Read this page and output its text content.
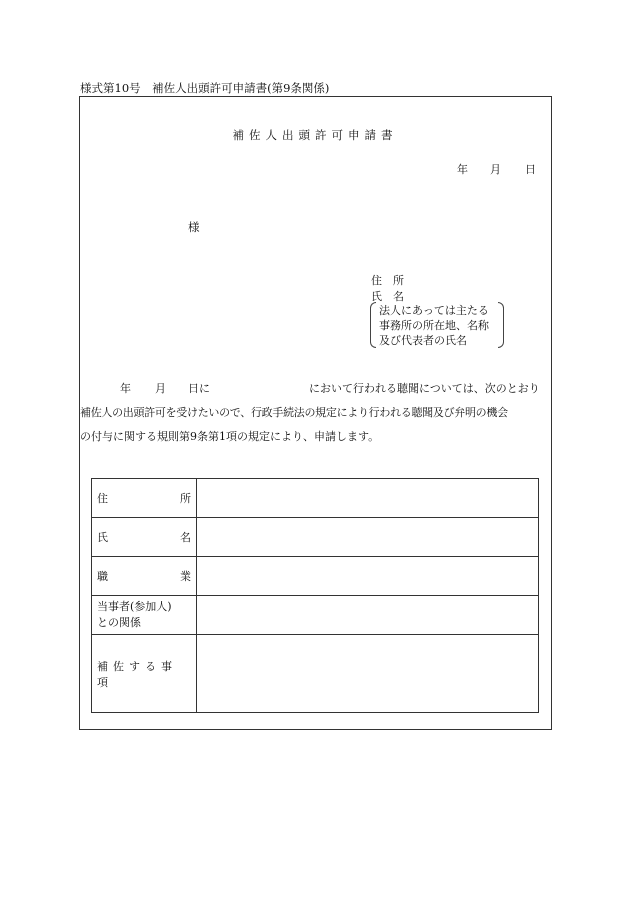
様式第10号　補佐人出頭許可申請書(第9条関係)
補佐人出頭許可申請書
年 月 日
様
住　所
氏　名
法人にあっては主たる
事務所の所在地、名称
及び代表者の氏名
年 月 日に	において行われる聴聞については、次のとおり
補佐人の出頭許可を受けたいので、行政手続法の規定により行われる聴聞及び弁明の機会
の付与に関する規則第9条第1項の規定により、申請します。
住 所	

氏 名	

職 業	

当事者(参加人)
との関係	

補佐する事項	
